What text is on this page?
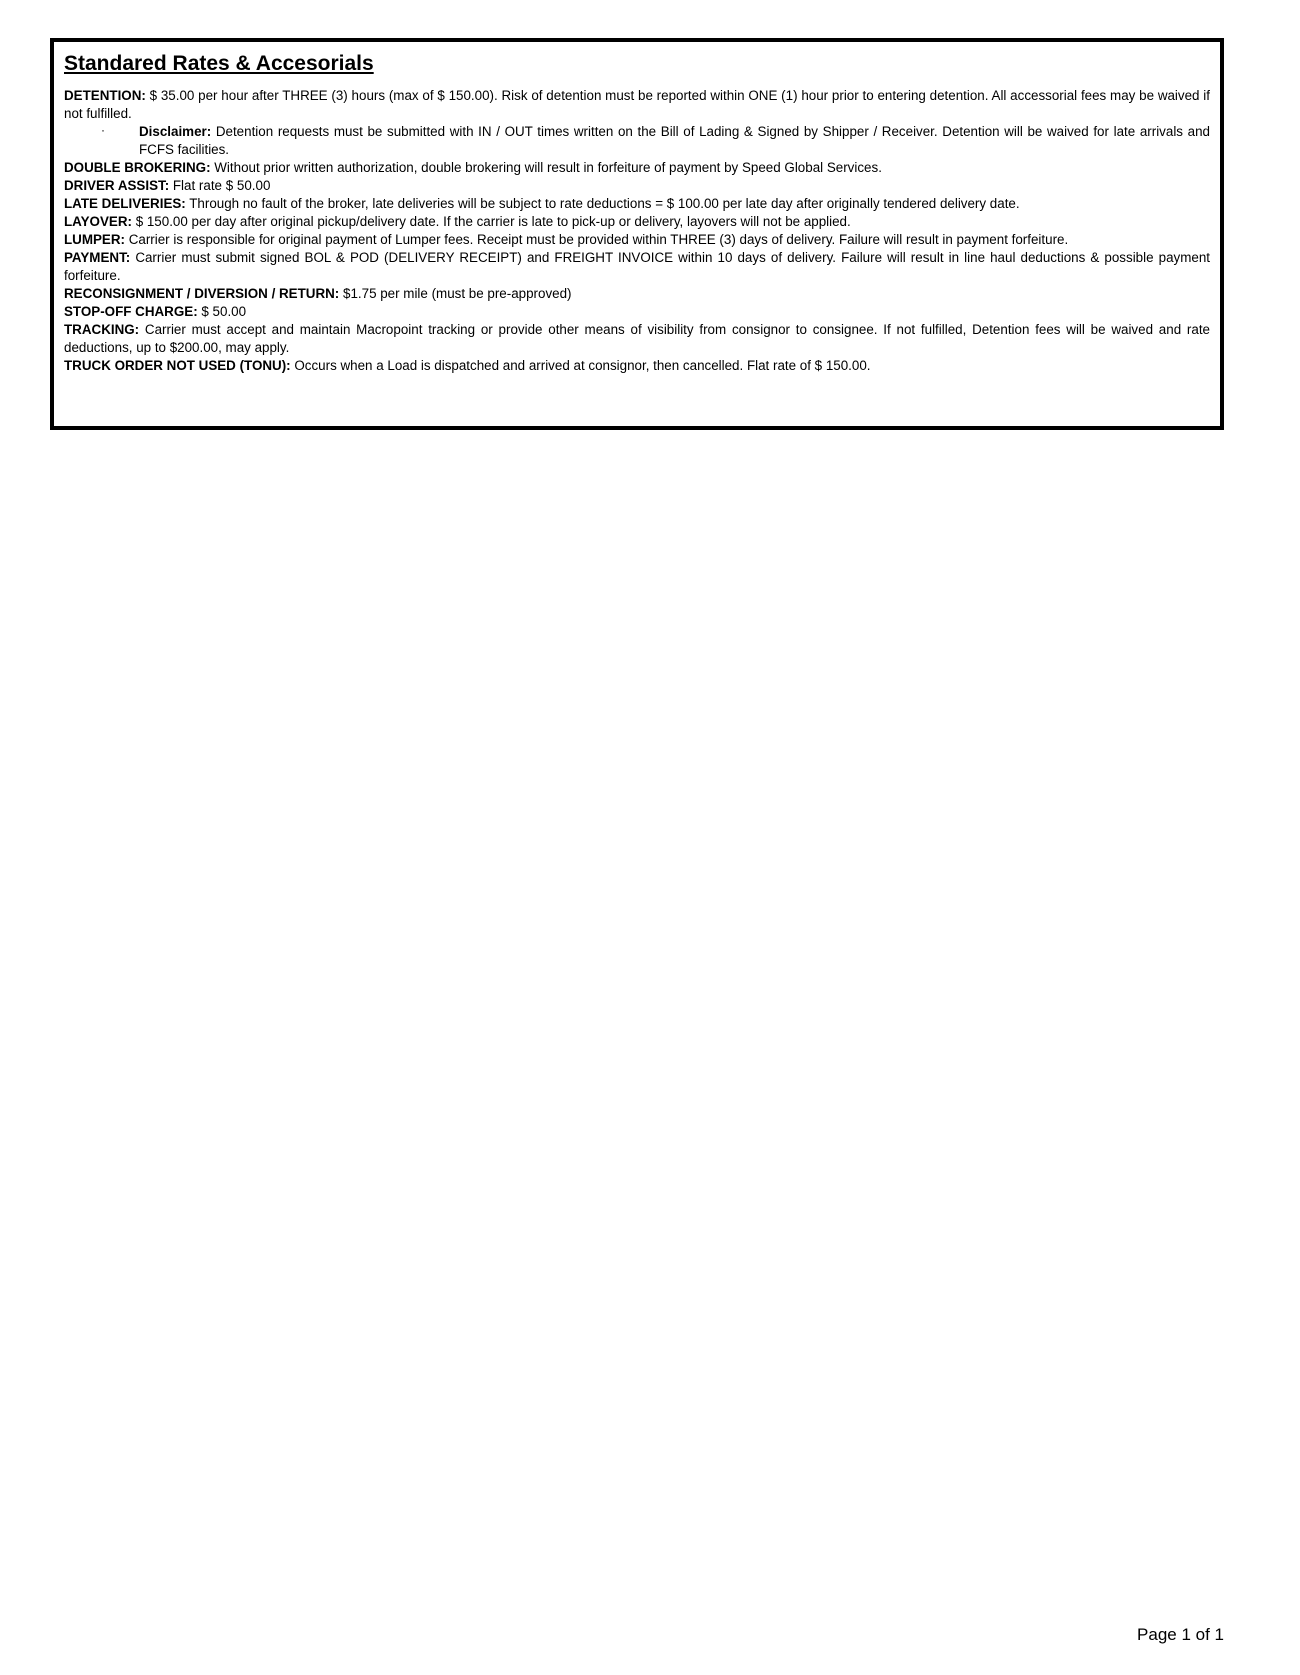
Standared Rates & Accesorials

DETENTION: $ 35.00 per hour after THREE (3) hours (max of $ 150.00). Risk of detention must be reported within ONE (1) hour prior to entering detention. All accessorial fees may be waived if not fulfilled.

·	Disclaimer: Detention requests must be submitted with IN / OUT times written on the Bill of Lading & Signed by Shipper / Receiver. Detention will be waived for late arrivals and FCFS facilities.

DOUBLE BROKERING: Without prior written authorization, double brokering will result in forfeiture of payment by Speed Global Services.

DRIVER ASSIST: Flat rate $ 50.00

LATE DELIVERIES: Through no fault of the broker, late deliveries will be subject to rate deductions = $ 100.00 per late day after originally tendered delivery date.

LAYOVER: $ 150.00 per day after original pickup/delivery date. If the carrier is late to pick-up or delivery, layovers will not be applied.

LUMPER: Carrier is responsible for original payment of Lumper fees. Receipt must be provided within THREE (3) days of delivery. Failure will result in payment forfeiture.

PAYMENT: Carrier must submit signed BOL & POD (DELIVERY RECEIPT) and FREIGHT INVOICE within 10 days of delivery. Failure will result in line haul deductions & possible payment forfeiture.

RECONSIGNMENT / DIVERSION / RETURN: $1.75 per mile (must be pre-approved)

STOP-OFF CHARGE: $ 50.00

TRACKING: Carrier must accept and maintain Macropoint tracking or provide other means of visibility from consignor to consignee. If not fulfilled, Detention fees will be waived and rate deductions, up to $200.00, may apply.

TRUCK ORDER NOT USED (TONU): Occurs when a Load is dispatched and arrived at consignor, then cancelled. Flat rate of $ 150.00.

Page 1 of 1
